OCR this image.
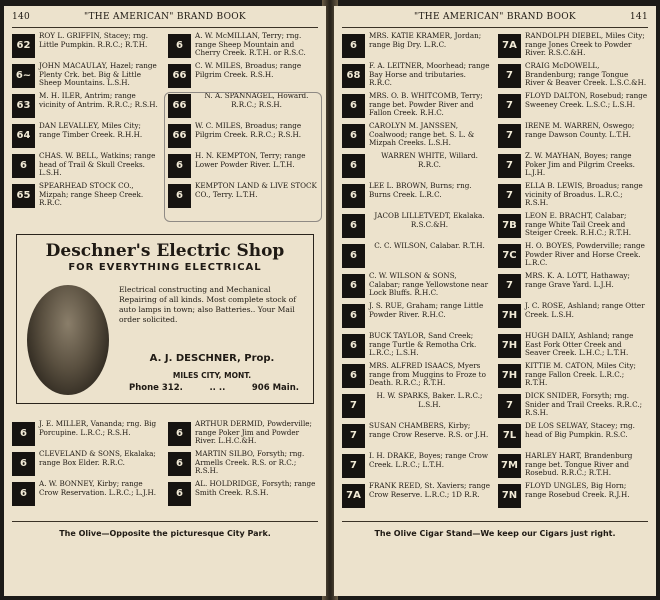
140	"THE AMERICAN" BRAND BOOK
62
ROY L. GRIFFIN, Stacey; rng. Little Pumpkin. R.R.C.; R.T.H.
6~
JOHN MACAULAY, Hazel; range Plenty Crk. bet. Big & Little Sheep Mountains. L.S.H.
63
M. H. ILER, Antrim; range vicinity of Antrim. R.R.C.; R.S.H.
64
DAN LEVALLEY, Miles City; range Timber Creek. R.H.H.
6
CHAS. W. BELL, Watkins; range head of Trail & Skull Creeks. L.S.H.
65
SPEARHEAD STOCK CO., Mizpah; range Sheep Creek. R.R.C.
6
A. W. McMILLAN, Terry; rng. range Sheep Mountain and Cherry Creek. R.T.H. or R.S.C.
66
C. W. MILES, Broadus; range Pilgrim Creek. R.S.H.
66
N. A. SPANNAGEL, Howard. R.R.C.; R.S.H.
66
W. C. MILES, Broadus; range Pilgrim Creek. R.R.C.; R.S.H.
6
H. N. KEMPTON, Terry; range Lower Powder River. L.T.H.
6
KEMPTON LAND & LIVE STOCK CO., Terry. L.T.H.
Deschner's Electric Shop
FOR EVERYTHING ELECTRICAL
Electrical constructing and Mechanical Repairing of all kinds. Most complete stock of auto lamps in town; also Batteries.. Your Mail order solicited.
A. J. DESCHNER, Prop.
MILES CITY, MONT.
Phone 312.	.. ..	906 Main.
6
J. E. MILLER, Vananda; rng. Big Porcupine. L.R.C.; R.S.H.
6
CLEVELAND & SONS, Ekalaka; range Box Elder. R.R.C.
6
A. W. BONNEY, Kirby; range Crow Reservation. L.R.C.; L.J.H.
6
ARTHUR DERMID, Powderville; range Poker Jim and Powder River. L.H.C.&H.
6
MARTIN SILBO, Forsyth; rng. Armells Creek. R.S. or R.C.; R.S.H.
6
AL. HOLDRIDGE, Forsyth; range Smith Creek. R.S.H.
The Olive—Opposite the picturesque City Park.
"THE AMERICAN" BRAND BOOK	141
6
MRS. KATIE KRAMER, Jordan; range Big Dry. L.R.C.
68
F. A. LEITNER, Moorhead; range Bay Horse and tributaries. R.R.C.
6
MRS. O. B. WHITCOMB, Terry; range bet. Powder River and Fallon Creek. R.H.C.
6
CAROLYN M. JANSSEN, Coalwood; range bet. S. L. & Mizpah Creeks. L.S.H.
6
WARREN WHITE, Willard. R.R.C.
6
LEE L. BROWN, Burns; rng. Burns Creek. L.R.C.
6
JACOB LILLETVEDT, Ekalaka. R.S.C.&H.
6
C. C. WILSON, Calabar. R.T.H.
6
C. W. WILSON & SONS, Calabar; range Yellowstone near Lock Bluffs. R.H.C.
6
J. S. RUE, Graham; range Little Powder River. R.H.C.
6
BUCK TAYLOR, Sand Creek; range Turtle & Remotha Crk. L.R.C.; L.S.H.
6
MRS. ALFRED ISAACS, Myers range from Muggins to Froze to Death. R.R.C.; R.T.H.
7
H. W. SPARKS, Baker. L.R.C.; L.S.H.
7
SUSAN CHAMBERS, Kirby; range Crow Reserve. R.S. or J.H.
7
I. H. DRAKE, Boyes; range Crow Creek. L.R.C.; L.T.H.
7A
FRANK REED, St. Xaviers; range Crow Reserve. L.R.C.; 1D R.R.
7A
RANDOLPH DIEBEL, Miles City; range Jones Creek to Powder River. R.S.C.&H.
7
CRAIG McDOWELL, Brandenburg; range Tongue River & Beaver Creek. L.S.C.&H.
7
FLOYD DALTON, Rosebud; range Sweeney Creek. L.S.C.; L.S.H.
7
IRENE M. WARREN, Oswego; range Dawson County. L.T.H.
7
Z. W. MAYHAN, Boyes; range Poker Jim and Pilgrim Creeks. L.J.H.
7
ELLA B. LEWIS, Broadus; range vicinity of Broadus. L.R.C.; R.S.H.
7B
LEON E. BRACHT, Calabar; range White Tail Creek and Steiger Creek. R.H.C.; R.T.H.
7C
H. O. BOYES, Powderville; range Powder River and Horse Creek. L.R.C.
7
MRS. K. A. LOTT, Hathaway; range Grave Yard. L.J.H.
7H
J. C. ROSE, Ashland; range Otter Creek. L.S.H.
7H
HUGH DAILY, Ashland; range East Fork Otter Creek and Seaver Creek. L.H.C.; L.T.H.
7H
KITTIE M. CATON, Miles City; range Fallon Creek. L.R.C.; R.T.H.
7
DICK SNIDER, Forsyth; rng. Snider and Trail Creeks. R.R.C.; R.S.H.
7L
DE LOS SELWAY, Stacey; rng. head of Big Pumpkin. R.S.C.
7M
HARLEY HART, Brandenburg range bet. Tongue River and Rosebud. R.R.C.; R.T.H.
7N
FLOYD UNGLES, Big Horn; range Rosebud Creek. R.J.H.
The Olive Cigar Stand—We keep our Cigars just right.
